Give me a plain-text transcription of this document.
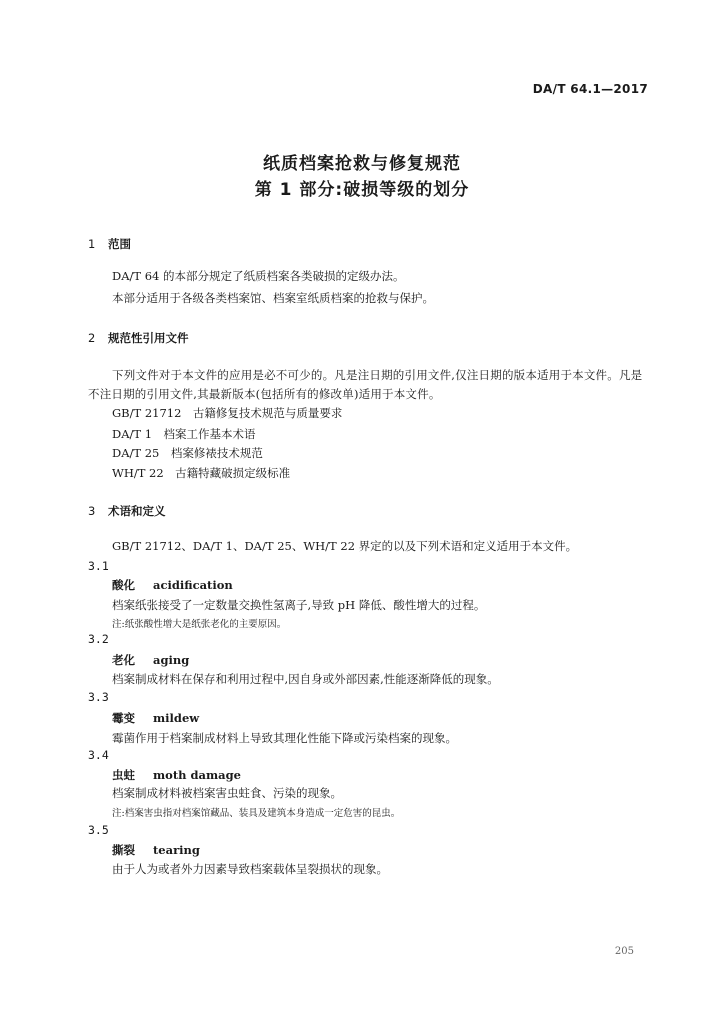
DA/T 64.1—2017
纸质档案抢救与修复规范
第 1 部分:破损等级的划分
1 范围
DA/T 64 的本部分规定了纸质档案各类破损的定级办法。
本部分适用于各级各类档案馆、档案室纸质档案的抢救与保护。
2 规范性引用文件
下列文件对于本文件的应用是必不可少的。凡是注日期的引用文件,仅注日期的版本适用于本文件。凡是不注日期的引用文件,其最新版本(包括所有的修改单)适用于本文件。
GB/T 21712　古籍修复技术规范与质量要求
DA/T 1　档案工作基本术语
DA/T 25　档案修裱技术规范
WH/T 22　古籍特藏破损定级标准
3 术语和定义
GB/T 21712、DA/T 1、DA/T 25、WH/T 22 界定的以及下列术语和定义适用于本文件。
3.1
酸化 acidification
档案纸张接受了一定数量交换性氢离子,导致 pH 降低、酸性增大的过程。
注:纸张酸性增大是纸张老化的主要原因。
3.2
老化 aging
档案制成材料在保存和利用过程中,因自身或外部因素,性能逐渐降低的现象。
3.3
霉变 mildew
霉菌作用于档案制成材料上导致其理化性能下降或污染档案的现象。
3.4
虫蛀 moth damage
档案制成材料被档案害虫蛀食、污染的现象。
注:档案害虫指对档案馆藏品、装具及建筑本身造成一定危害的昆虫。
3.5
撕裂 tearing
由于人为或者外力因素导致档案载体呈裂损状的现象。
205
